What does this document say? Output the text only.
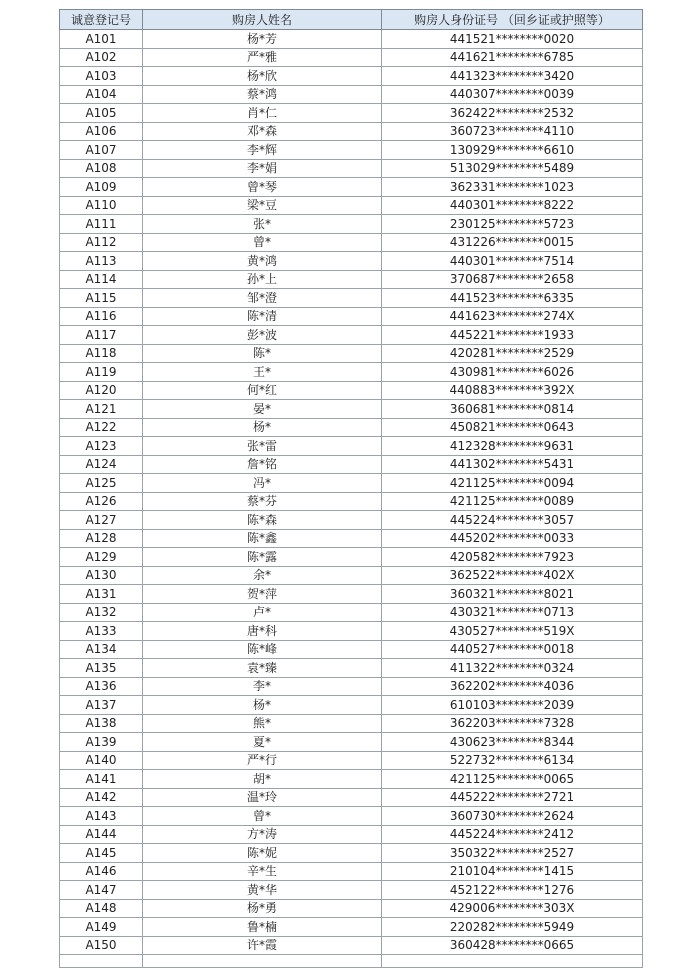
诚意登记号	购房人姓名	购房人身份证号 （回乡证或护照等）
A101	杨*芳	441521********0020
A102	严*雅	441621********6785
A103	杨*欣	441323********3420
A104	蔡*鸿	440307********0039
A105	肖*仁	362422********2532
A106	邓*森	360723********4110
A107	李*辉	130929********6610
A108	李*娟	513029********5489
A109	曾*琴	362331********1023
A110	梁*豆	440301********8222
A111	张*	230125********5723
A112	曾*	431226********0015
A113	黄*鸿	440301********7514
A114	孙*上	370687********2658
A115	邹*澄	441523********6335
A116	陈*清	441623********274X
A117	彭*波	445221********1933
A118	陈*	420281********2529
A119	王*	430981********6026
A120	何*红	440883********392X
A121	晏*	360681********0814
A122	杨*	450821********0643
A123	张*雷	412328********9631
A124	詹*铭	441302********5431
A125	冯*	421125********0094
A126	蔡*芬	421125********0089
A127	陈*森	445224********3057
A128	陈*鑫	445202********0033
A129	陈*露	420582********7923
A130	余*	362522********402X
A131	贺*萍	360321********8021
A132	卢*	430321********0713
A133	唐*科	430527********519X
A134	陈*峰	440527********0018
A135	袁*臻	411322********0324
A136	李*	362202********4036
A137	杨*	610103********2039
A138	熊*	362203********7328
A139	夏*	430623********8344
A140	严*行	522732********6134
A141	胡*	421125********0065
A142	温*玲	445222********2721
A143	曾*	360730********2624
A144	方*涛	445224********2412
A145	陈*妮	350322********2527
A146	辛*生	210104********1415
A147	黄*华	452122********1276
A148	杨*勇	429006********303X
A149	鲁*楠	220282********5949
A150	许*霞	360428********0665
